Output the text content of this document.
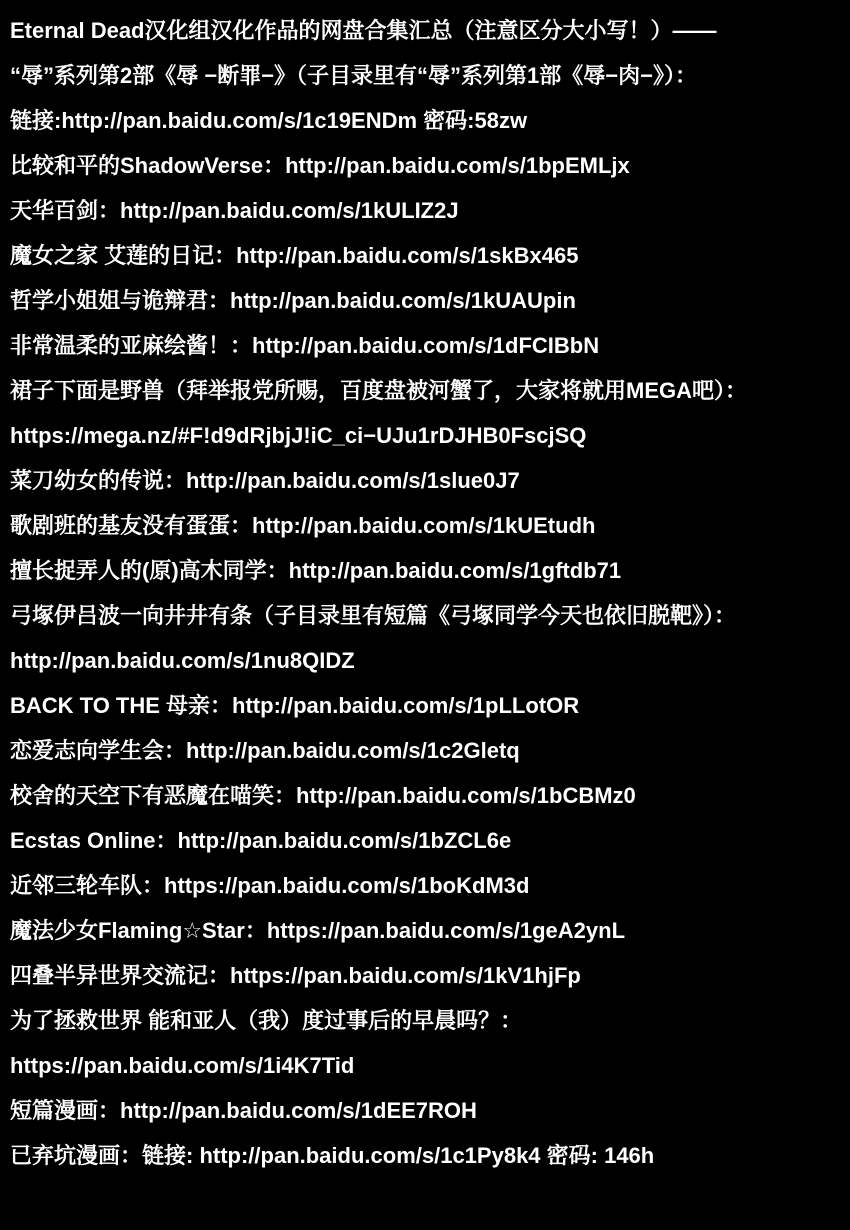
Eternal Dead汉化组汉化作品的网盘合集汇总（注意区分大小写！）——
“辱”系列第2部《辱 −断罪−》（子目录里有“辱”系列第1部《辱−肉−》）：
链接:http://pan.baidu.com/s/1c19ENDm 密码:58zw
比较和平的ShadowVerse：http://pan.baidu.com/s/1bpEMLjx
天华百剑：http://pan.baidu.com/s/1kULIZ2J
魔女之家 艾莲的日记：http://pan.baidu.com/s/1skBx465
哲学小姐姐与诡辩君：http://pan.baidu.com/s/1kUAUpin
非常温柔的亚麻绘酱！：http://pan.baidu.com/s/1dFCIBbN
裙子下面是野兽（拜举报党所赐，百度盘被河蟹了，大家将就用MEGA吧）：
https://mega.nz/#F!d9dRjbjJ!iC_ci−UJu1rDJHB0FscjSQ
菜刀幼女的传说：http://pan.baidu.com/s/1slue0J7
歌剧班的基友没有蛋蛋：http://pan.baidu.com/s/1kUEtudh
擅长捉弄人的(原)高木同学：http://pan.baidu.com/s/1gftdb71
弓塚伊吕波一向井井有条（子目录里有短篇《弓塚同学今天也依旧脱靶》）：
http://pan.baidu.com/s/1nu8QIDZ
BACK TO THE 母亲：http://pan.baidu.com/s/1pLLotOR
恋爱志向学生会：http://pan.baidu.com/s/1c2Gletq
校舍的天空下有恶魔在喵笑：http://pan.baidu.com/s/1bCBMz0
Ecstas Online：http://pan.baidu.com/s/1bZCL6e
近邻三轮车队：https://pan.baidu.com/s/1boKdM3d
魔法少女Flaming☆Star：https://pan.baidu.com/s/1geA2ynL
四叠半异世界交流记：https://pan.baidu.com/s/1kV1hjFp
为了拯救世界 能和亚人（我）度过事后的早晨吗？：
https://pan.baidu.com/s/1i4K7Tid
短篇漫画：http://pan.baidu.com/s/1dEE7ROH
已弃坑漫画：链接: http://pan.baidu.com/s/1c1Py8k4 密码: 146h
